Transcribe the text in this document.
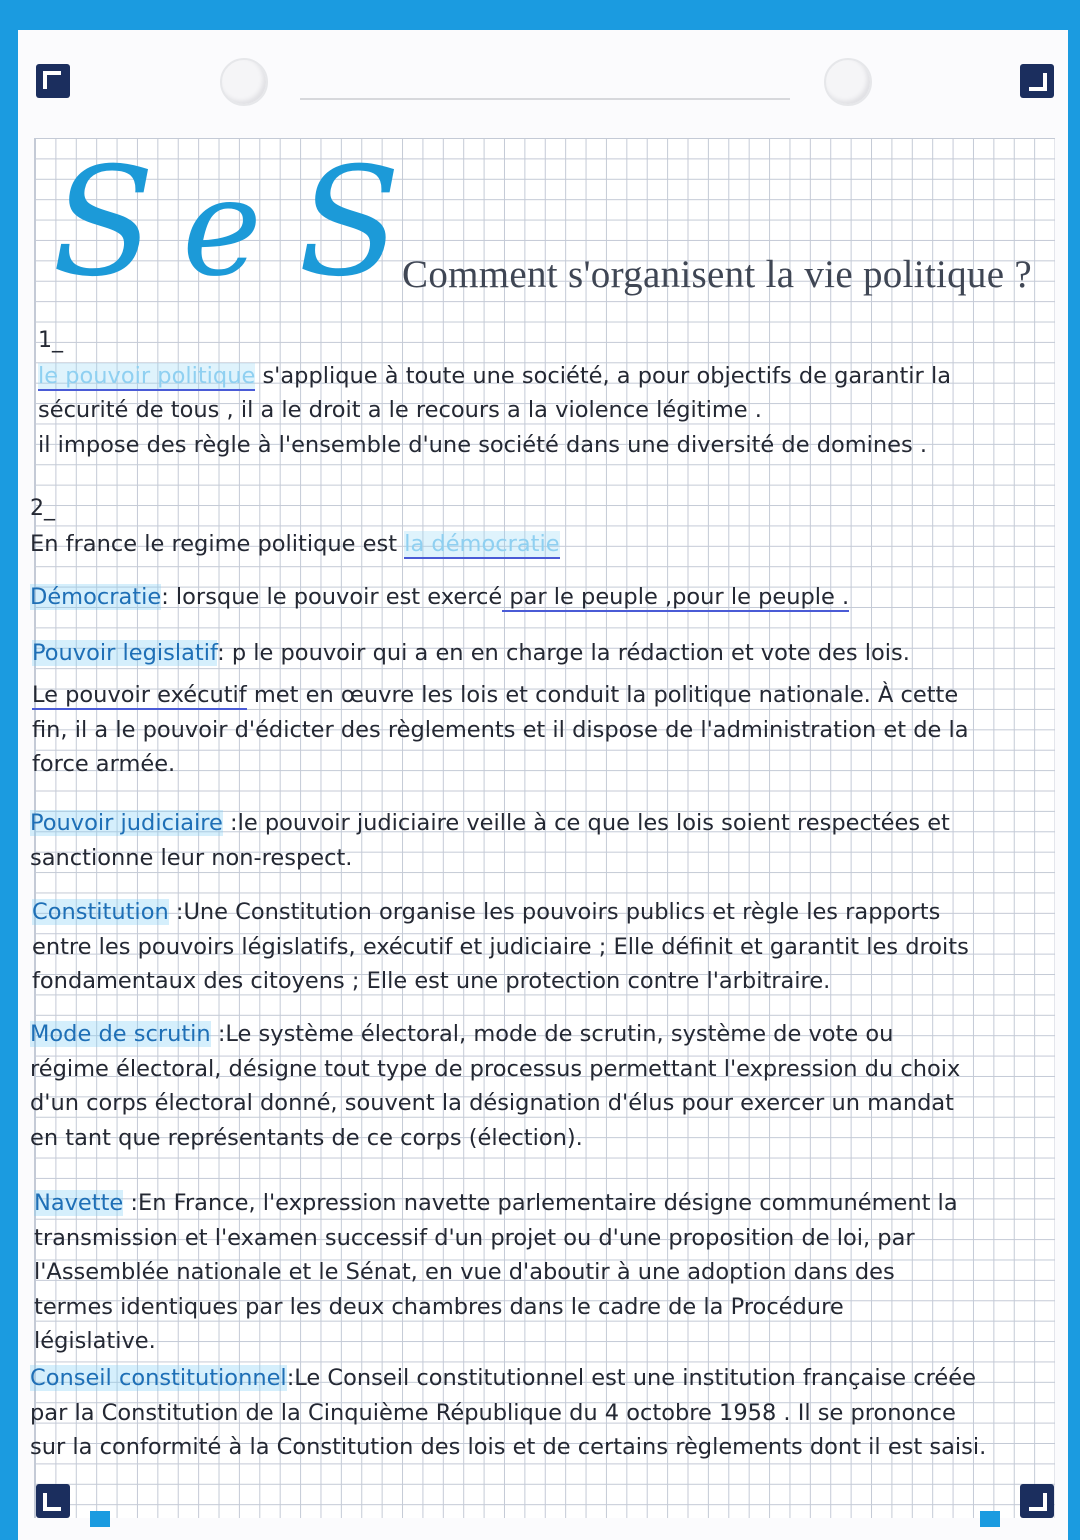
S e S Comment s'organisent la vie politique ?
1_
le pouvoir politique s'applique à toute une société, a pour objectifs de garantir la
sécurité de tous , il a le droit a le recours a la violence légitime .
il impose des règle à l'ensemble d'une société dans une diversité de domines .
2_
En france le regime politique est la démocratie
Démocratie: lorsque le pouvoir est exercé par le peuple ,pour le peuple .
Pouvoir legislatif: p le pouvoir qui a en en charge la rédaction et vote des lois.
Le pouvoir exécutif met en œuvre les lois et conduit la politique nationale. À cette
fin, il a le pouvoir d'édicter des règlements et il dispose de l'administration et de la
force armée.
Pouvoir judiciaire :le pouvoir judiciaire veille à ce que les lois soient respectées et
sanctionne leur non-respect.
Constitution :Une Constitution organise les pouvoirs publics et règle les rapports
entre les pouvoirs législatifs, exécutif et judiciaire ; Elle définit et garantit les droits
fondamentaux des citoyens ; Elle est une protection contre l'arbitraire.
Mode de scrutin :Le système électoral, mode de scrutin, système de vote ou
régime électoral, désigne tout type de processus permettant l'expression du choix
d'un corps électoral donné, souvent la désignation d'élus pour exercer un mandat
en tant que représentants de ce corps (élection).
Navette :En France, l'expression navette parlementaire désigne communément la
transmission et l'examen successif d'un projet ou d'une proposition de loi, par
l'Assemblée nationale et le Sénat, en vue d'aboutir à une adoption dans des
termes identiques par les deux chambres dans le cadre de la Procédure
législative.
Conseil constitutionnel:Le Conseil constitutionnel est une institution française créée
par la Constitution de la Cinquième République du 4 octobre 1958 . Il se prononce
sur la conformité à la Constitution des lois et de certains règlements dont il est saisi.
